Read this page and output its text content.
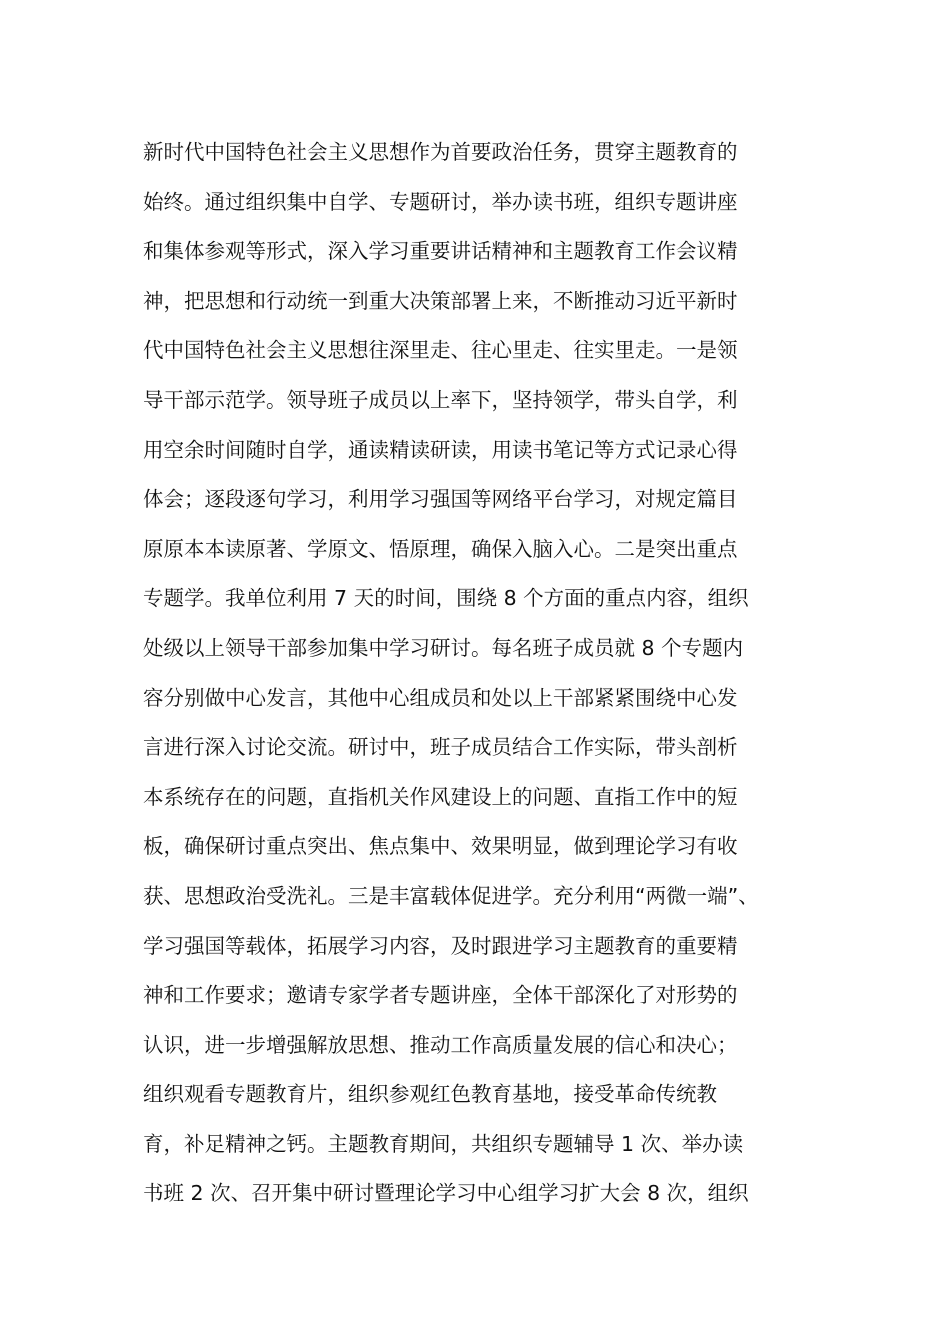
新时代中国特色社会主义思想作为首要政治任务，贯穿主题教育的
始终。通过组织集中自学、专题研讨，举办读书班，组织专题讲座
和集体参观等形式，深入学习重要讲话精神和主题教育工作会议精
神，把思想和行动统一到重大决策部署上来，不断推动习近平新时
代中国特色社会主义思想往深里走、往心里走、往实里走。一是领
导干部示范学。领导班子成员以上率下，坚持领学，带头自学，利
用空余时间随时自学，通读精读研读，用读书笔记等方式记录心得
体会；逐段逐句学习，利用学习强国等网络平台学习，对规定篇目
原原本本读原著、学原文、悟原理，确保入脑入心。二是突出重点
专题学。我单位利用 7 天的时间，围绕 8 个方面的重点内容，组织
处级以上领导干部参加集中学习研讨。每名班子成员就 8 个专题内
容分别做中心发言，其他中心组成员和处以上干部紧紧围绕中心发
言进行深入讨论交流。研讨中，班子成员结合工作实际，带头剖析
本系统存在的问题，直指机关作风建设上的问题、直指工作中的短
板，确保研讨重点突出、焦点集中、效果明显，做到理论学习有收
获、思想政治受洗礼。三是丰富载体促进学。充分利用“两微一端”、
学习强国等载体，拓展学习内容，及时跟进学习主题教育的重要精
神和工作要求；邀请专家学者专题讲座，全体干部深化了对形势的
认识，进一步增强解放思想、推动工作高质量发展的信心和决心；
组织观看专题教育片，组织参观红色教育基地，接受革命传统教
育，补足精神之钙。主题教育期间，共组织专题辅导 1 次、举办读
书班 2 次、召开集中研讨暨理论学习中心组学习扩大会 8 次，组织
